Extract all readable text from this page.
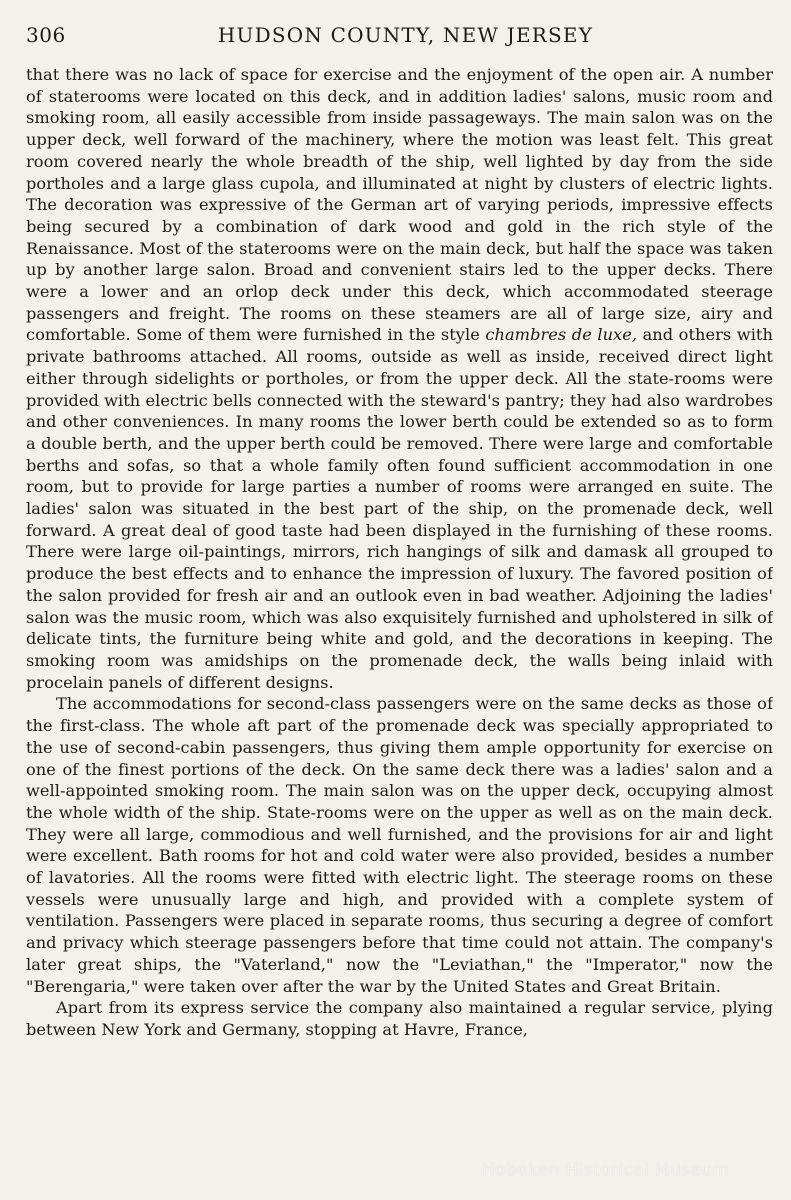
306	HUDSON COUNTY, NEW JERSEY

that there was no lack of space for exercise and the enjoyment of the open air. A number of staterooms were located on this deck, and in addition ladies' salons, music room and smoking room, all easily accessible from inside passageways. The main salon was on the upper deck, well forward of the machinery, where the motion was least felt. This great room covered nearly the whole breadth of the ship, well lighted by day from the side portholes and a large glass cupola, and illuminated at night by clusters of electric lights. The decoration was expressive of the German art of varying periods, impressive effects being secured by a combination of dark wood and gold in the rich style of the Renaissance. Most of the staterooms were on the main deck, but half the space was taken up by another large salon. Broad and convenient stairs led to the upper decks. There were a lower and an orlop deck under this deck, which accommodated steerage passengers and freight. The rooms on these steamers are all of large size, airy and comfortable. Some of them were furnished in the style chambres de luxe, and others with private bathrooms attached. All rooms, outside as well as inside, received direct light either through sidelights or portholes, or from the upper deck. All the state-rooms were provided with electric bells connected with the steward's pantry; they had also wardrobes and other conveniences. In many rooms the lower berth could be extended so as to form a double berth, and the upper berth could be removed. There were large and comfortable berths and sofas, so that a whole family often found sufficient accommodation in one room, but to provide for large parties a number of rooms were arranged en suite. The ladies' salon was situated in the best part of the ship, on the promenade deck, well forward. A great deal of good taste had been displayed in the furnishing of these rooms. There were large oil-paintings, mirrors, rich hangings of silk and damask all grouped to produce the best effects and to enhance the impression of luxury. The favored position of the salon provided for fresh air and an outlook even in bad weather. Adjoining the ladies' salon was the music room, which was also exquisitely furnished and upholstered in silk of delicate tints, the furniture being white and gold, and the decorations in keeping. The smoking room was amidships on the promenade deck, the walls being inlaid with procelain panels of different designs.

The accommodations for second-class passengers were on the same decks as those of the first-class. The whole aft part of the promenade deck was specially appropriated to the use of second-cabin passengers, thus giving them ample opportunity for exercise on one of the finest portions of the deck. On the same deck there was a ladies' salon and a well-appointed smoking room. The main salon was on the upper deck, occupying almost the whole width of the ship. State-rooms were on the upper as well as on the main deck. They were all large, commodious and well furnished, and the provisions for air and light were excellent. Bath rooms for hot and cold water were also provided, besides a number of lavatories. All the rooms were fitted with electric light. The steerage rooms on these vessels were unusually large and high, and provided with a complete system of ventilation. Passengers were placed in separate rooms, thus securing a degree of comfort and privacy which steerage passengers before that time could not attain. The company's later great ships, the "Vaterland," now the "Leviathan," the "Imperator," now the "Berengaria," were taken over after the war by the United States and Great Britain.

Apart from its express service the company also maintained a regular service, plying between New York and Germany, stopping at Havre, France,

Hoboken Historical Museum
